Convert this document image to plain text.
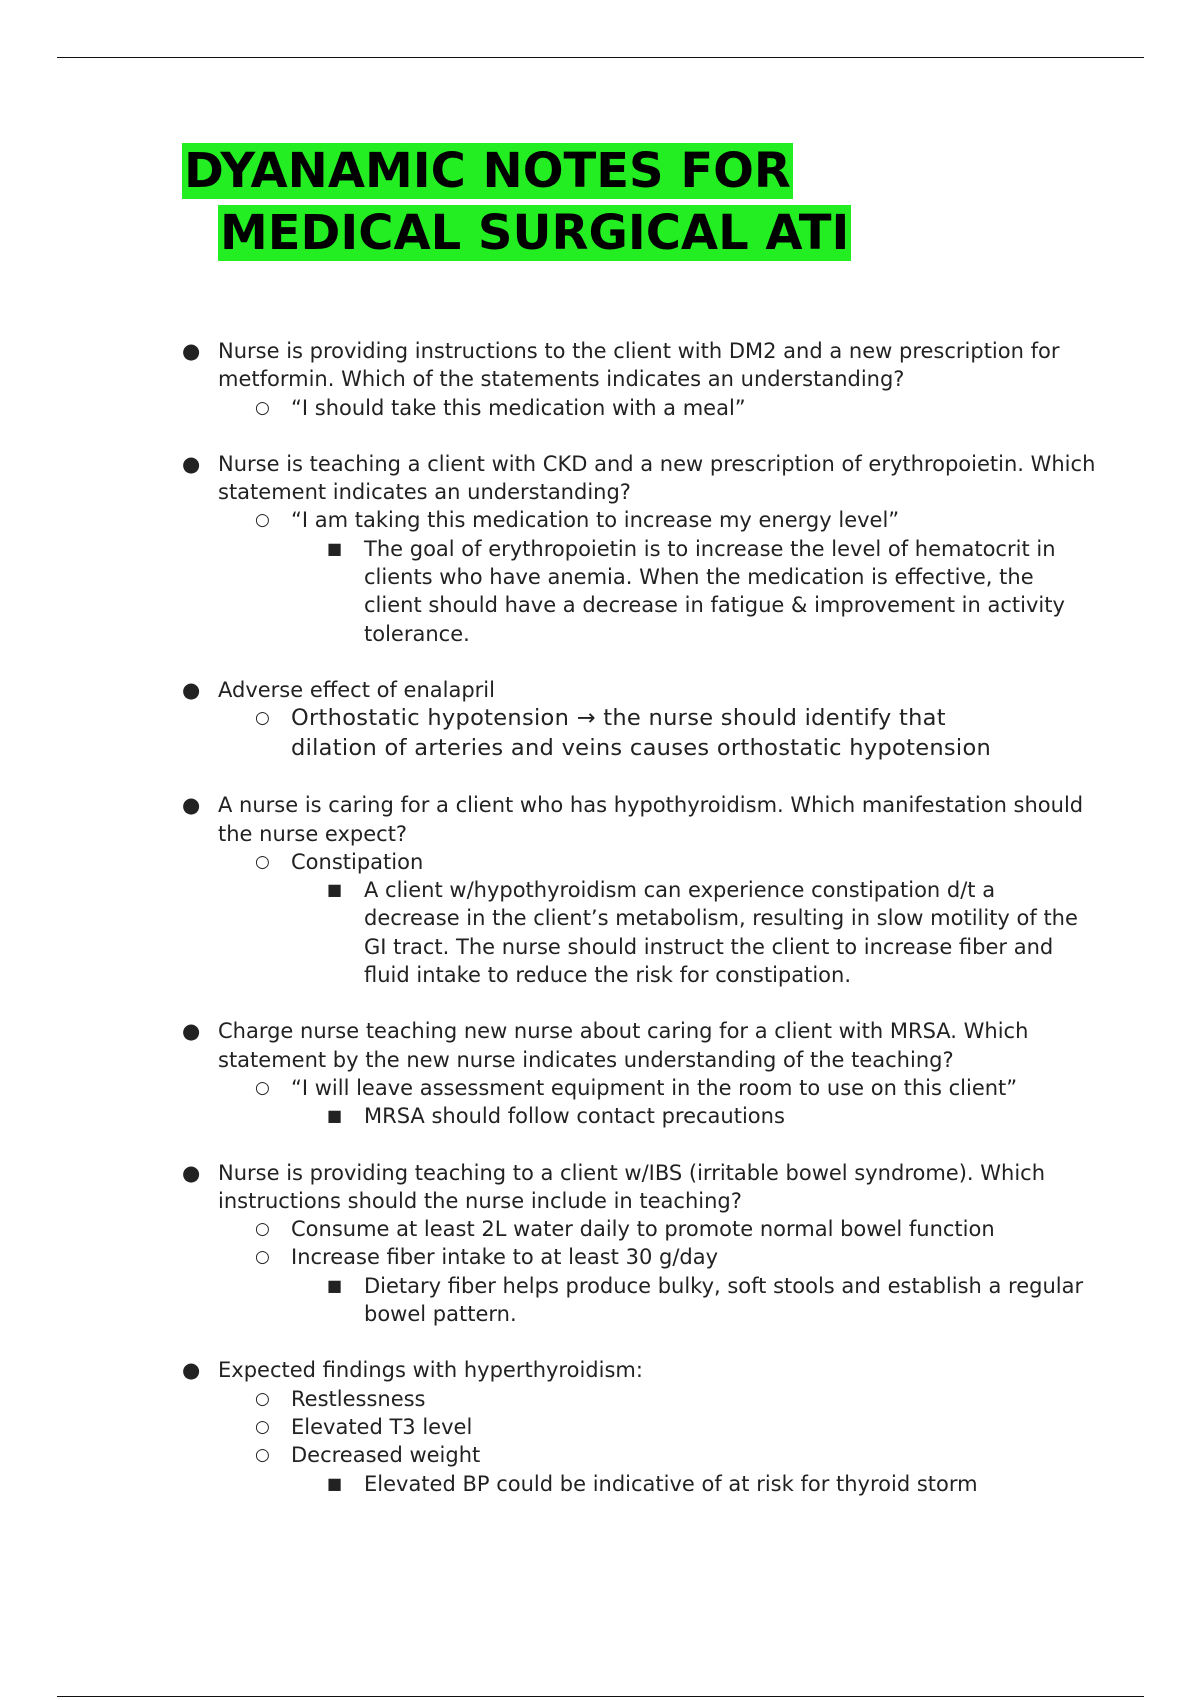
DYANAMIC NOTES FOR
MEDICAL SURGICAL ATI
● Nurse is providing instructions to the client with DM2 and a new prescription for metformin. Which of the statements indicates an understanding?
○ “I should take this medication with a meal”
● Nurse is teaching a client with CKD and a new prescription of erythropoietin. Which statement indicates an understanding?
○ “I am taking this medication to increase my energy level”
■ The goal of erythropoietin is to increase the level of hematocrit in clients who have anemia. When the medication is effective, the client should have a decrease in fatigue & improvement in activity tolerance.
● Adverse effect of enalapril
○ Orthostatic hypotension → the nurse should identify that dilation of arteries and veins causes orthostatic hypotension
● A nurse is caring for a client who has hypothyroidism. Which manifestation should the nurse expect?
○ Constipation
■ A client w/hypothyroidism can experience constipation d/t a decrease in the client’s metabolism, resulting in slow motility of the GI tract. The nurse should instruct the client to increase fiber and fluid intake to reduce the risk for constipation.
● Charge nurse teaching new nurse about caring for a client with MRSA. Which statement by the new nurse indicates understanding of the teaching?
○ “I will leave assessment equipment in the room to use on this client”
■ MRSA should follow contact precautions
● Nurse is providing teaching to a client w/IBS (irritable bowel syndrome). Which instructions should the nurse include in teaching?
○ Consume at least 2L water daily to promote normal bowel function
○ Increase fiber intake to at least 30 g/day
■ Dietary fiber helps produce bulky, soft stools and establish a regular bowel pattern.
● Expected findings with hyperthyroidism:
○ Restlessness
○ Elevated T3 level
○ Decreased weight
■ Elevated BP could be indicative of at risk for thyroid storm
